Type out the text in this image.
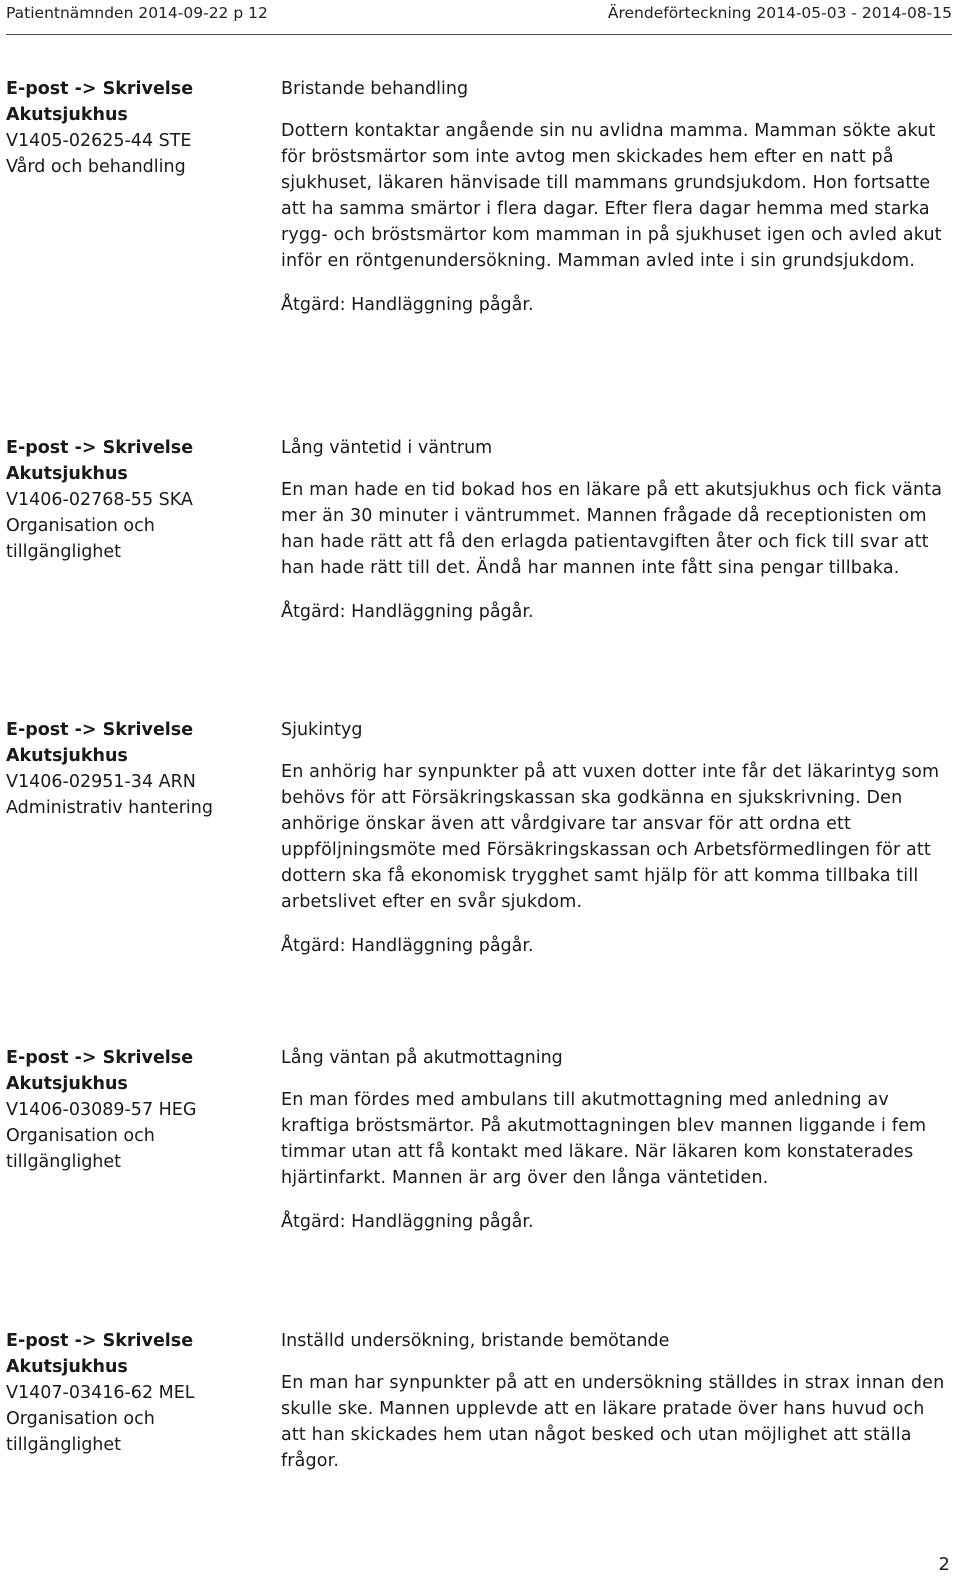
Patientnämnden 2014-09-22 p 12	Ärendeförteckning 2014-05-03 - 2014-08-15
E-post -> Skrivelse
Akutsjukhus
V1405-02625-44 STE
Vård och behandling

Bristande behandling

Dottern kontaktar angående sin nu avlidna mamma. Mamman sökte akut för bröstsmärtor som inte avtog men skickades hem efter en natt på sjukhuset, läkaren hänvisade till mammans grundsjukdom. Hon fortsatte att ha samma smärtor i flera dagar. Efter flera dagar hemma med starka rygg- och bröstsmärtor kom mamman in på sjukhuset igen och avled akut inför en röntgenundersökning. Mamman avled inte i sin grundsjukdom.

Åtgärd: Handläggning pågår.

E-post -> Skrivelse
Akutsjukhus
V1406-02768-55 SKA
Organisation och tillgänglighet

Lång väntetid i väntrum

En man hade en tid bokad hos en läkare på ett akutsjukhus och fick vänta mer än 30 minuter i väntrummet. Mannen frågade då receptionisten om han hade rätt att få den erlagda patientavgiften åter och fick till svar att han hade rätt till det. Ändå har mannen inte fått sina pengar tillbaka.

Åtgärd: Handläggning pågår.

E-post -> Skrivelse
Akutsjukhus
V1406-02951-34 ARN
Administrativ hantering

Sjukintyg

En anhörig har synpunkter på att vuxen dotter inte får det läkarintyg som behövs för att Försäkringskassan ska godkänna en sjukskrivning. Den anhörige önskar även att vårdgivare tar ansvar för att ordna ett uppföljningsmöte med Försäkringskassan och Arbetsförmedlingen för att dottern ska få ekonomisk trygghet samt hjälp för att komma tillbaka till arbetslivet efter en svår sjukdom.

Åtgärd: Handläggning pågår.

E-post -> Skrivelse
Akutsjukhus
V1406-03089-57 HEG
Organisation och tillgänglighet

Lång väntan på akutmottagning

En man fördes med ambulans till akutmottagning med anledning av kraftiga bröstsmärtor. På akutmottagningen blev mannen liggande i fem timmar utan att få kontakt med läkare. När läkaren kom konstaterades hjärtinfarkt. Mannen är arg över den långa väntetiden.

Åtgärd: Handläggning pågår.

E-post -> Skrivelse
Akutsjukhus
V1407-03416-62 MEL
Organisation och tillgänglighet

Inställd undersökning, bristande bemötande

En man har synpunkter på att en undersökning ställdes in strax innan den skulle ske. Mannen upplevde att en läkare pratade över hans huvud och att han skickades hem utan något besked och utan möjlighet att ställa frågor.

2
